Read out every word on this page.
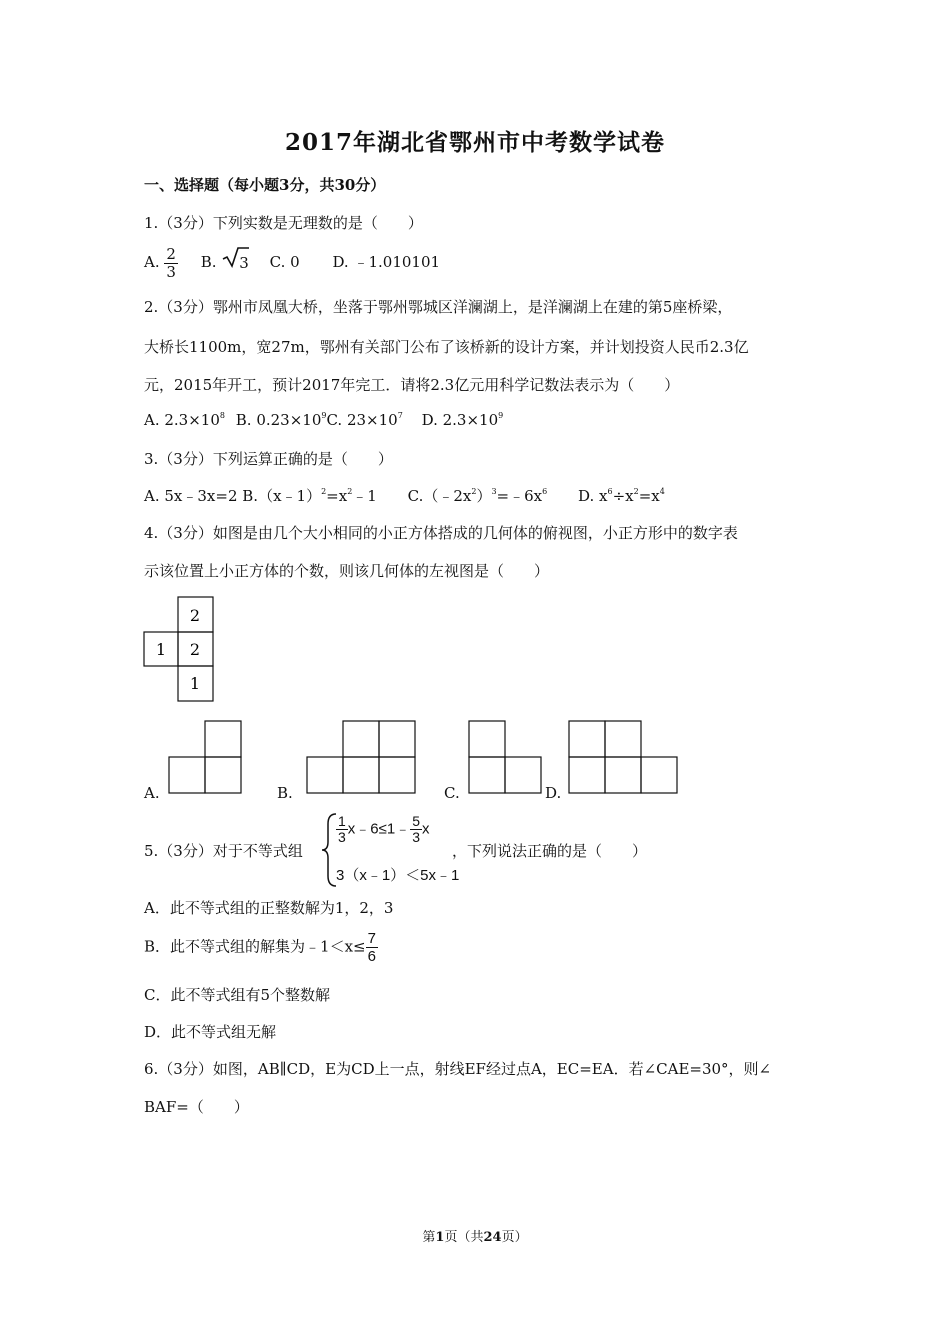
2017年湖北省鄂州市中考数学试卷
一、选择题（每小题3分，共30分）
1.（3分）下列实数是无理数的是（　　）
A. $\frac{2}{3} B$. 3 C. 0 D. ﹣1.010101
2.（3分）鄂州市凤凰大桥，坐落于鄂州鄂城区洋澜湖上，是洋澜湖上在建的第5座桥梁，
大桥长1100m，宽27m，鄂州有关部门公布了该桥新的设计方案，并计划投资人民币2.3亿
元，2015年开工，预计2017年完工．请将2.3亿元用科学记数法表示为（　　）
A. $2.3\times 10^8$ B. $0.23\times 10^9C$. $23\times 10^7$ D. $2.3\times 10^9$
3.（3分）下列运算正确的是（　　）
A. 5x﹣3x=2 $B.(x﹣1)^2=x^2﹣1$ $C.(﹣2x^2)^3=﹣6x^6$ D. $x^6\div x^2=x^4$
4.（3分）如图是由几个大小相同的小正方体搭成的几何体的俯视图，小正方形中的数字表
示该位置上小正方体的个数，则该几何体的左视图是（　　）
2
1 2
1
A.	B.	C.	D.
5.（3分）对于不等式组
$\frac{1}{3}$ x﹣6≤1﹣ $\frac{5}{3}$ x
3（x﹣1）＜5x﹣1
，下列说法正确的是（　　）
A．此不等式组的正整数解为1，2，3
B．此不等式组的解集为﹣1＜x≤ $\frac{7}{6}$
C．此不等式组有5个整数解
D．此不等式组无解
6.（3分）如图，AB∥CD，E为CD上一点，射线EF经过点A，EC=EA．若∠CAE=30°，则∠
BAF=（　　）
第1页（共24页）
